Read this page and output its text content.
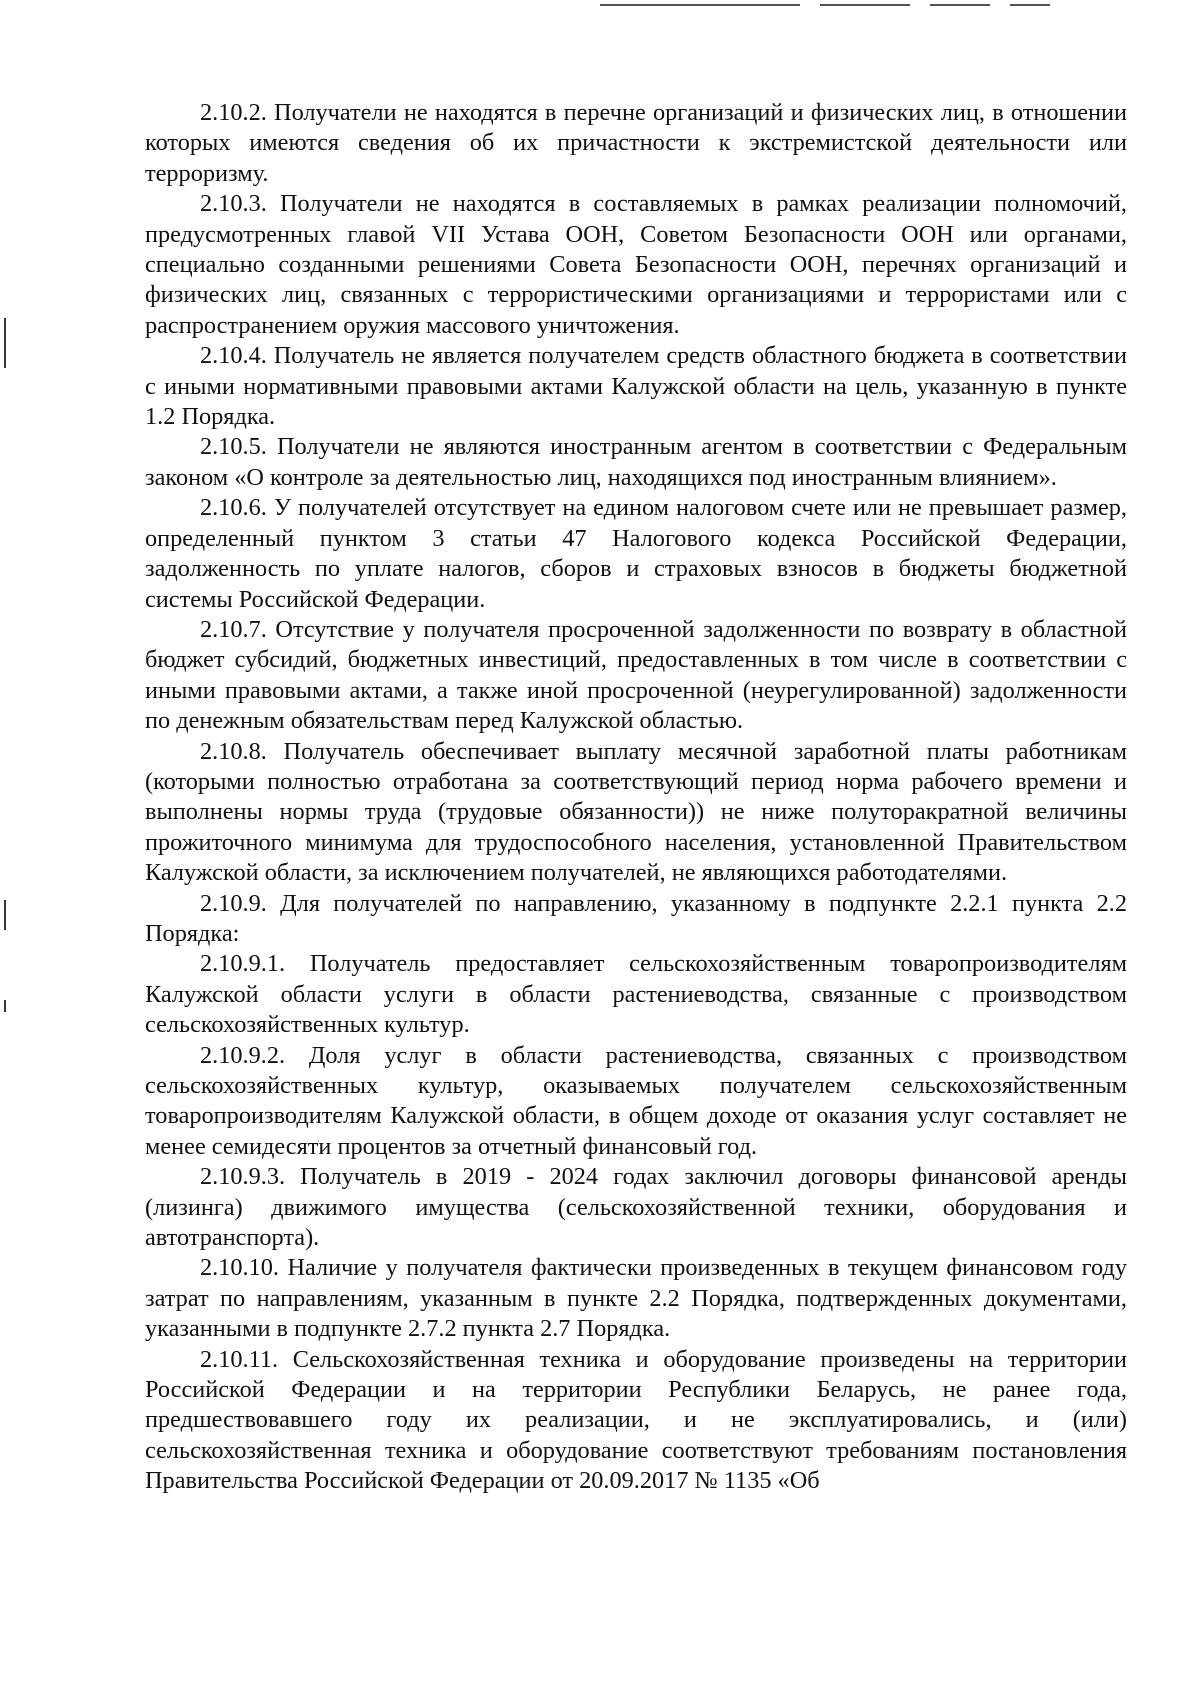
2.10.2. Получатели не находятся в перечне организаций и физических лиц, в отношении которых имеются сведения об их причастности к экстремистской деятельности или терроризму.

2.10.3. Получатели не находятся в составляемых в рамках реализации полномочий, предусмотренных главой VII Устава ООН, Советом Безопасности ООН или органами, специально созданными решениями Совета Безопасности ООН, перечнях организаций и физических лиц, связанных с террористическими организациями и террористами или с распространением оружия массового уничтожения.

2.10.4. Получатель не является получателем средств областного бюджета в соответствии с иными нормативными правовыми актами Калужской области на цель, указанную в пункте 1.2 Порядка.

2.10.5. Получатели не являются иностранным агентом в соответствии с Федеральным законом «О контроле за деятельностью лиц, находящихся под иностранным влиянием».

2.10.6. У получателей отсутствует на едином налоговом счете или не превышает размер, определенный пунктом 3 статьи 47 Налогового кодекса Российской Федерации, задолженность по уплате налогов, сборов и страховых взносов в бюджеты бюджетной системы Российской Федерации.

2.10.7. Отсутствие у получателя просроченной задолженности по возврату в областной бюджет субсидий, бюджетных инвестиций, предоставленных в том числе в соответствии с иными правовыми актами, а также иной просроченной (неурегулированной) задолженности по денежным обязательствам перед Калужской областью.

2.10.8. Получатель обеспечивает выплату месячной заработной платы работникам (которыми полностью отработана за соответствующий период норма рабочего времени и выполнены нормы труда (трудовые обязанности)) не ниже полуторакратной величины прожиточного минимума для трудоспособного населения, установленной Правительством Калужской области, за исключением получателей, не являющихся работодателями.

2.10.9. Для получателей по направлению, указанному в подпункте 2.2.1 пункта 2.2 Порядка:

2.10.9.1. Получатель предоставляет сельскохозяйственным товаропроизводителям Калужской области услуги в области растениеводства, связанные с производством сельскохозяйственных культур.

2.10.9.2. Доля услуг в области растениеводства, связанных с производством сельскохозяйственных культур, оказываемых получателем сельскохозяйственным товаропроизводителям Калужской области, в общем доходе от оказания услуг составляет не менее семидесяти процентов за отчетный финансовый год.

2.10.9.3. Получатель в 2019 - 2024 годах заключил договоры финансовой аренды (лизинга) движимого имущества (сельскохозяйственной техники, оборудования и автотранспорта).

2.10.10. Наличие у получателя фактически произведенных в текущем финансовом году затрат по направлениям, указанным в пункте 2.2 Порядка, подтвержденных документами, указанными в подпункте 2.7.2 пункта 2.7 Порядка.

2.10.11. Сельскохозяйственная техника и оборудование произведены на территории Российской Федерации и на территории Республики Беларусь, не ранее года, предшествовавшего году их реализации, и не эксплуатировались, и (или) сельскохозяйственная техника и оборудование соответствуют требованиям постановления Правительства Российской Федерации от 20.09.2017 № 1135 «Об
